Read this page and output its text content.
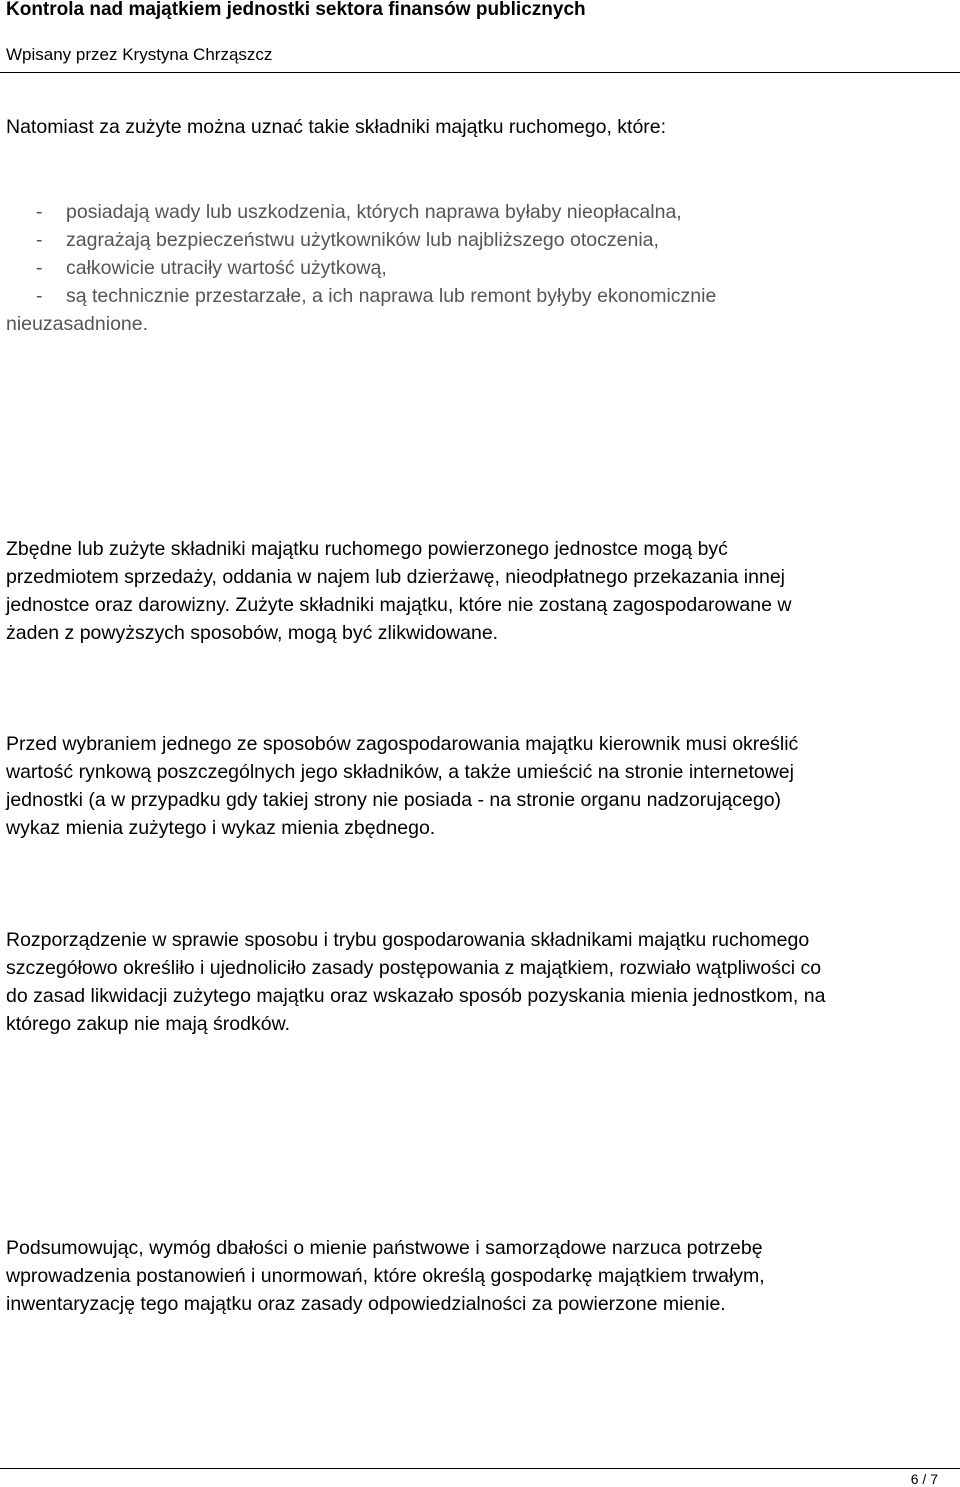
Kontrola nad majątkiem jednostki sektora finansów publicznych
Wpisany przez Krystyna Chrząszcz
Natomiast za zużyte można uznać takie składniki majątku ruchomego, które:
- posiadają wady lub uszkodzenia, których naprawa byłaby nieopłacalna,
- zagrażają bezpieczeństwu użytkowników lub najbliższego otoczenia,
- całkowicie utraciły wartość użytkową,
- są technicznie przestarzałe, a ich naprawa lub remont byłyby ekonomicznie
nieuzasadnione.
Zbędne lub zużyte składniki majątku ruchomego powierzonego jednostce mogą być
przedmiotem sprzedaży, oddania w najem lub dzierżawę, nieodpłatnego przekazania innej
jednostce oraz darowizny. Zużyte składniki majątku, które nie zostaną zagospodarowane w
żaden z powyższych sposobów, mogą być zlikwidowane.
Przed wybraniem jednego ze sposobów zagospodarowania majątku kierownik musi określić
wartość rynkową poszczególnych jego składników, a także umieścić na stronie internetowej
jednostki (a w przypadku gdy takiej strony nie posiada - na stronie organu nadzorującego)
wykaz mienia zużytego i wykaz mienia zbędnego.
Rozporządzenie w sprawie sposobu i trybu gospodarowania składnikami majątku ruchomego
szczegółowo określiło i ujednoliciło zasady postępowania z majątkiem, rozwiało wątpliwości co
do zasad likwidacji zużytego majątku oraz wskazało sposób pozyskania mienia jednostkom, na
którego zakup nie mają środków.
Podsumowując, wymóg dbałości o mienie państwowe i samorządowe narzuca potrzebę
wprowadzenia postanowień i unormowań, które określą gospodarkę majątkiem trwałym,
inwentaryzację tego majątku oraz zasady odpowiedzialności za powierzone mienie.
6 / 7
